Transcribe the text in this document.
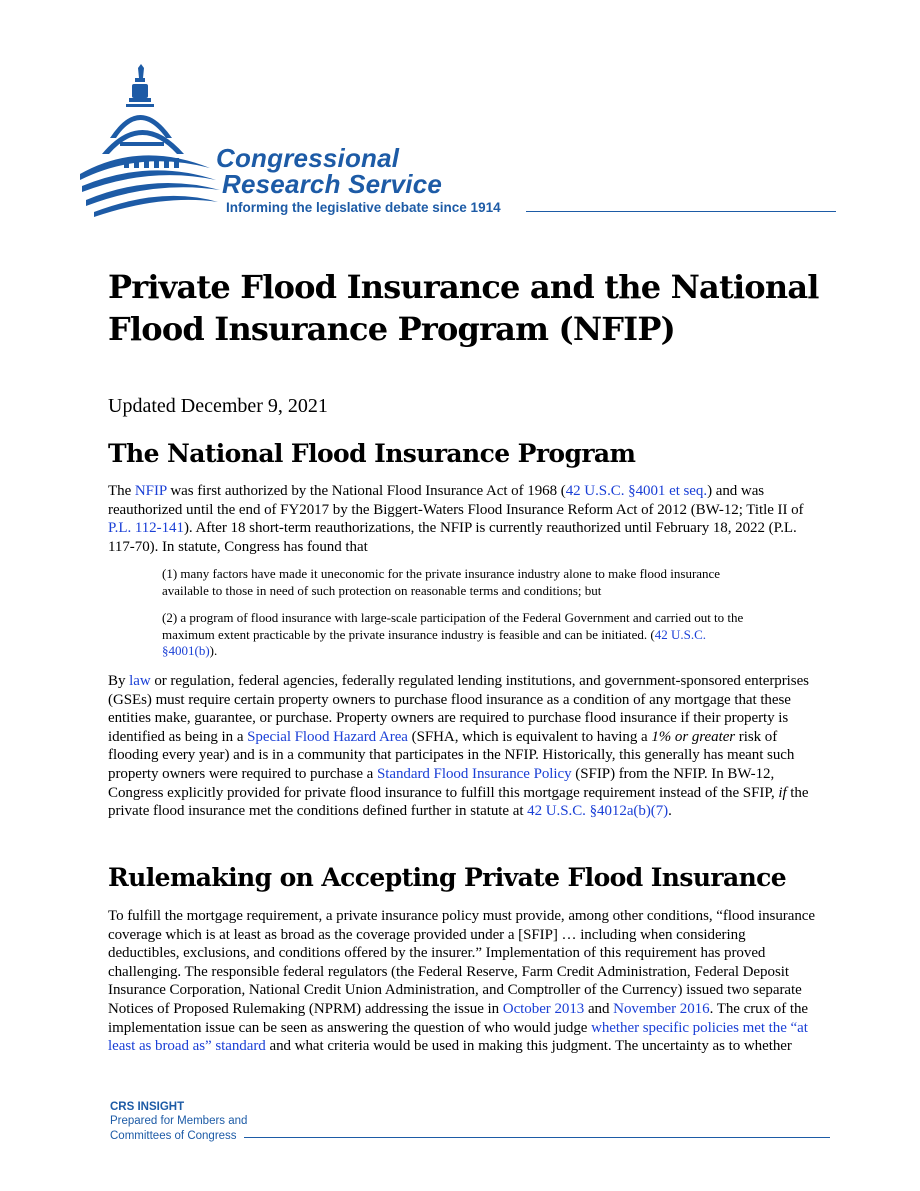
Congressional
Research Service
Informing the legislative debate since 1914
Private Flood Insurance and the National Flood Insurance Program (NFIP)

Updated December 9, 2021

The National Flood Insurance Program

The NFIP was first authorized by the National Flood Insurance Act of 1968 (42 U.S.C. §4001 et seq.) and was reauthorized until the end of FY2017 by the Biggert-Waters Flood Insurance Reform Act of 2012 (BW-12; Title II of P.L. 112-141). After 18 short-term reauthorizations, the NFIP is currently reauthorized until February 18, 2022 (P.L. 117-70). In statute, Congress has found that

(1) many factors have made it uneconomic for the private insurance industry alone to make flood insurance available to those in need of such protection on reasonable terms and conditions; but

(2) a program of flood insurance with large-scale participation of the Federal Government and carried out to the maximum extent practicable by the private insurance industry is feasible and can be initiated. (42 U.S.C. §4001(b)).

By law or regulation, federal agencies, federally regulated lending institutions, and government-sponsored enterprises (GSEs) must require certain property owners to purchase flood insurance as a condition of any mortgage that these entities make, guarantee, or purchase. Property owners are required to purchase flood insurance if their property is identified as being in a Special Flood Hazard Area (SFHA, which is equivalent to having a 1% or greater risk of flooding every year) and is in a community that participates in the NFIP. Historically, this generally has meant such property owners were required to purchase a Standard Flood Insurance Policy (SFIP) from the NFIP. In BW-12, Congress explicitly provided for private flood insurance to fulfill this mortgage requirement instead of the SFIP, if the private flood insurance met the conditions defined further in statute at 42 U.S.C. §4012a(b)(7).

Rulemaking on Accepting Private Flood Insurance

To fulfill the mortgage requirement, a private insurance policy must provide, among other conditions, “flood insurance coverage which is at least as broad as the coverage provided under a [SFIP] … including when considering deductibles, exclusions, and conditions offered by the insurer.” Implementation of this requirement has proved challenging. The responsible federal regulators (the Federal Reserve, Farm Credit Administration, Federal Deposit Insurance Corporation, National Credit Union Administration, and Comptroller of the Currency) issued two separate Notices of Proposed Rulemaking (NPRM) addressing the issue in October 2013 and November 2016. The crux of the implementation issue can be seen as answering the question of who would judge whether specific policies met the “at least as broad as” standard and what criteria would be used in making this judgment. The uncertainty as to whether

CRS INSIGHT

Prepared for Members and Committees of Congress
